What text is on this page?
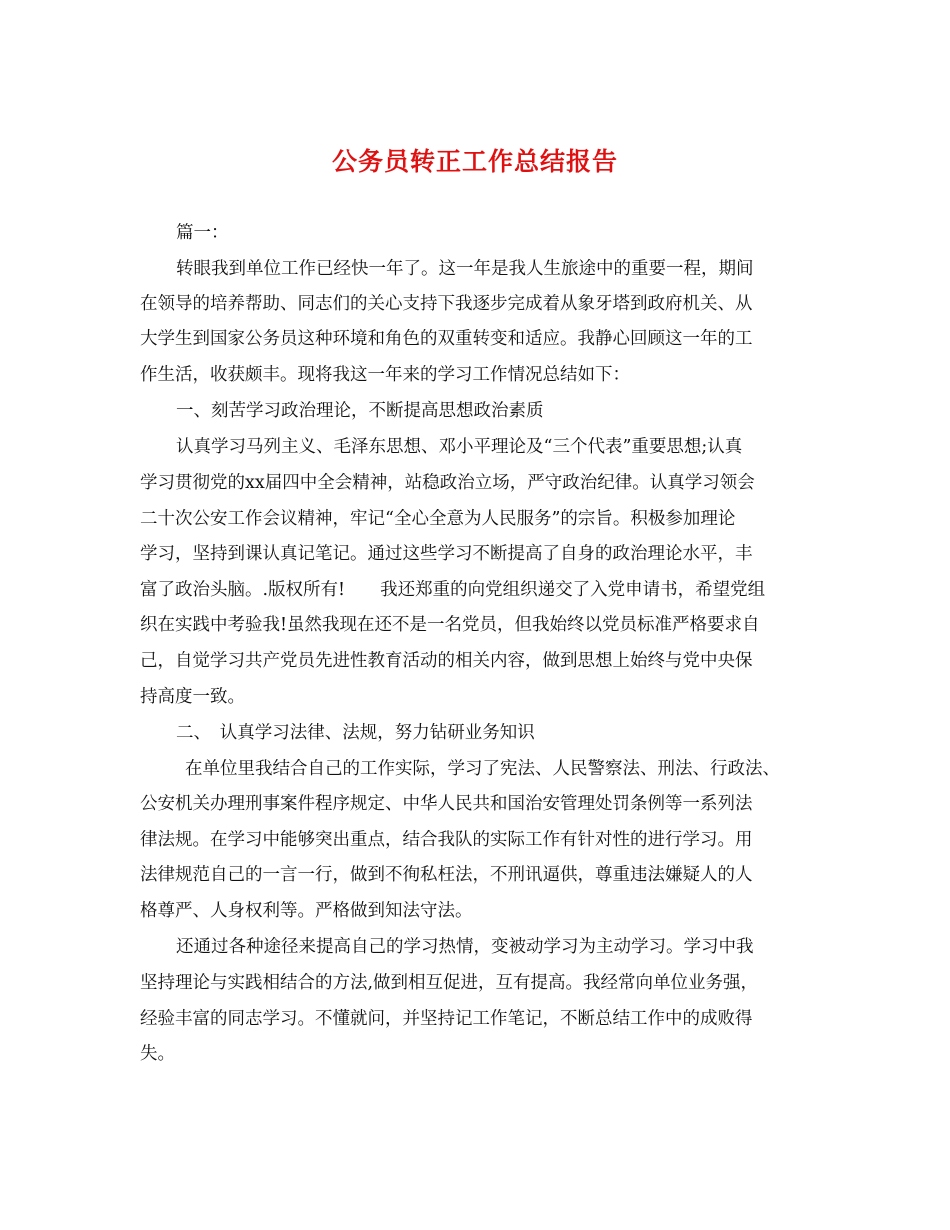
公务员转正工作总结报告
篇一：
转眼我到单位工作已经快一年了。这一年是我人生旅途中的重要一程，期间
在领导的培养帮助、同志们的关心支持下我逐步完成着从象牙塔到政府机关、从
大学生到国家公务员这种环境和角色的双重转变和适应。我静心回顾这一年的工
作生活，收获颇丰。现将我这一年来的学习工作情况总结如下：
一、刻苦学习政治理论，不断提高思想政治素质
认真学习马列主义、毛泽东思想、邓小平理论及“三个代表”重要思想;认真
学习贯彻党的xx届四中全会精神，站稳政治立场，严守政治纪律。认真学习领会
二十次公安工作会议精神，牢记“全心全意为人民服务”的宗旨。积极参加理论
学习，坚持到课认真记笔记。通过这些学习不断提高了自身的政治理论水平，丰
富了政治头脑。.版权所有!　　我还郑重的向党组织递交了入党申请书，希望党组
织在实践中考验我!虽然我现在还不是一名党员，但我始终以党员标准严格要求自
己，自觉学习共产党员先进性教育活动的相关内容，做到思想上始终与党中央保
持高度一致。
二、　认真学习法律、法规，努力钻研业务知识
在单位里我结合自己的工作实际，学习了宪法、人民警察法、刑法、行政法、
公安机关办理刑事案件程序规定、中华人民共和国治安管理处罚条例等一系列法
律法规。在学习中能够突出重点，结合我队的实际工作有针对性的进行学习。用
法律规范自己的一言一行，做到不徇私枉法，不刑讯逼供，尊重违法嫌疑人的人
格尊严、人身权利等。严格做到知法守法。
还通过各种途径来提高自己的学习热情，变被动学习为主动学习。学习中我
坚持理论与实践相结合的方法,做到相互促进，互有提高。我经常向单位业务强，
经验丰富的同志学习。不懂就问，并坚持记工作笔记，不断总结工作中的成败得
失。
